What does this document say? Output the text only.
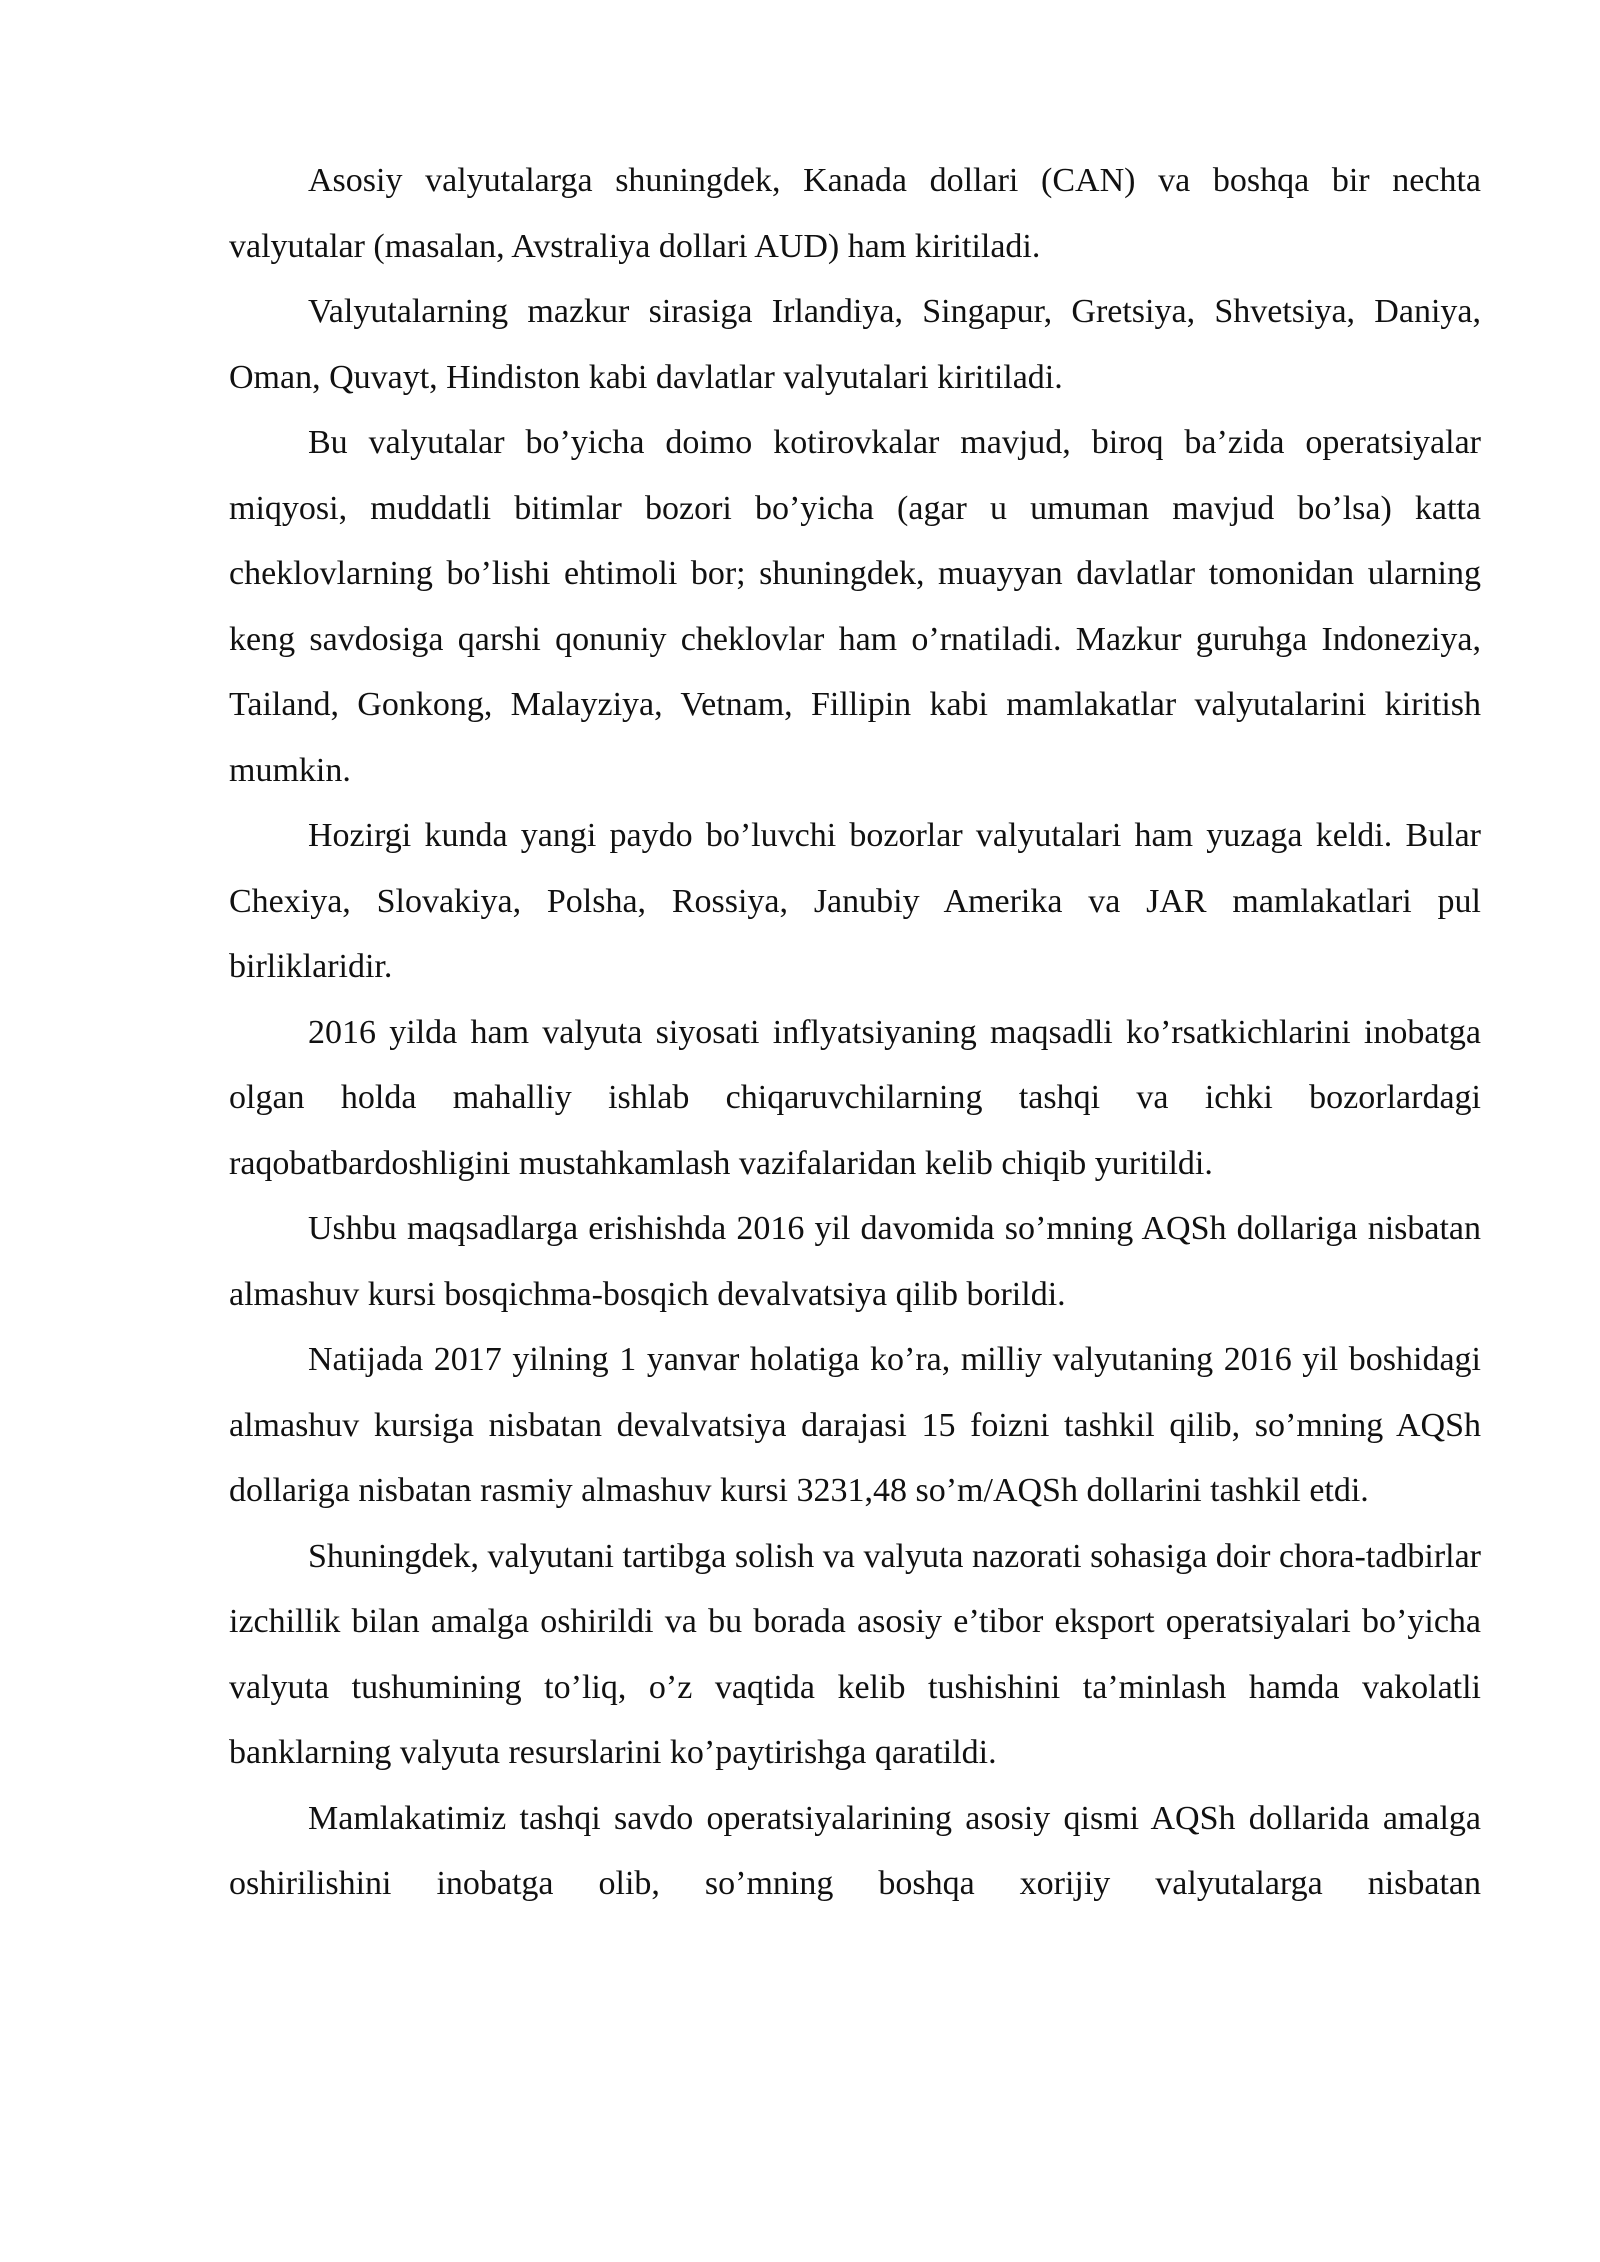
Asosiy valyutalarga shuningdek, Kanada dollari (CAN) va boshqa bir nechta valyutalar (masalan, Avstraliya dollari AUD) ham kiritiladi.

Valyutalarning mazkur sirasiga Irlandiya, Singapur, Gretsiya, Shvetsiya, Daniya, Oman, Quvayt, Hindiston kabi davlatlar valyutalari kiritiladi.

Bu valyutalar bo’yicha doimo kotirovkalar mavjud, biroq ba’zida operatsiyalar miqyosi, muddatli bitimlar bozori bo’yicha (agar u umuman mavjud bo’lsa) katta cheklovlarning bo’lishi ehtimoli bor; shuningdek, muayyan davlatlar tomonidan ularning keng savdosiga qarshi qonuniy cheklovlar ham o’rnatiladi. Mazkur guruhga Indoneziya, Tailand, Gonkong, Malayziya, Vetnam, Fillipin kabi mamlakatlar valyutalarini kiritish mumkin.

Hozirgi kunda yangi paydo bo’luvchi bozorlar valyutalari ham yuzaga keldi. Bular Chexiya, Slovakiya, Polsha, Rossiya, Janubiy Amerika va JAR mamlakatlari pul birliklaridir.

2016 yilda ham valyuta siyosati inflyatsiyaning maqsadli ko’rsatkichlarini inobatga olgan holda mahalliy ishlab chiqaruvchilarning tashqi va ichki bozorlardagi raqobatbardoshligini mustahkamlash vazifalaridan kelib chiqib yuritildi.

Ushbu maqsadlarga erishishda 2016 yil davomida so’mning AQSh dollariga nisbatan almashuv kursi bosqichma-bosqich devalvatsiya qilib borildi.

Natijada 2017 yilning 1 yanvar holatiga ko’ra, milliy valyutaning 2016 yil boshidagi almashuv kursiga nisbatan devalvatsiya darajasi 15 foizni tashkil qilib, so’mning AQSh dollariga nisbatan rasmiy almashuv kursi 3231,48 so’m/AQSh dollarini tashkil etdi.

Shuningdek, valyutani tartibga solish va valyuta nazorati sohasiga doir chora-tadbirlar izchillik bilan amalga oshirildi va bu borada asosiy e’tibor eksport operatsiyalari bo’yicha valyuta tushumining to’liq, o’z vaqtida kelib tushishini ta’minlash hamda vakolatli banklarning valyuta resurslarini ko’paytirishga qaratildi.

Mamlakatimiz tashqi savdo operatsiyalarining asosiy qismi AQSh dollarida amalga oshirilishini inobatga olib, so’mning boshqa xorijiy valyutalarga nisbatan
